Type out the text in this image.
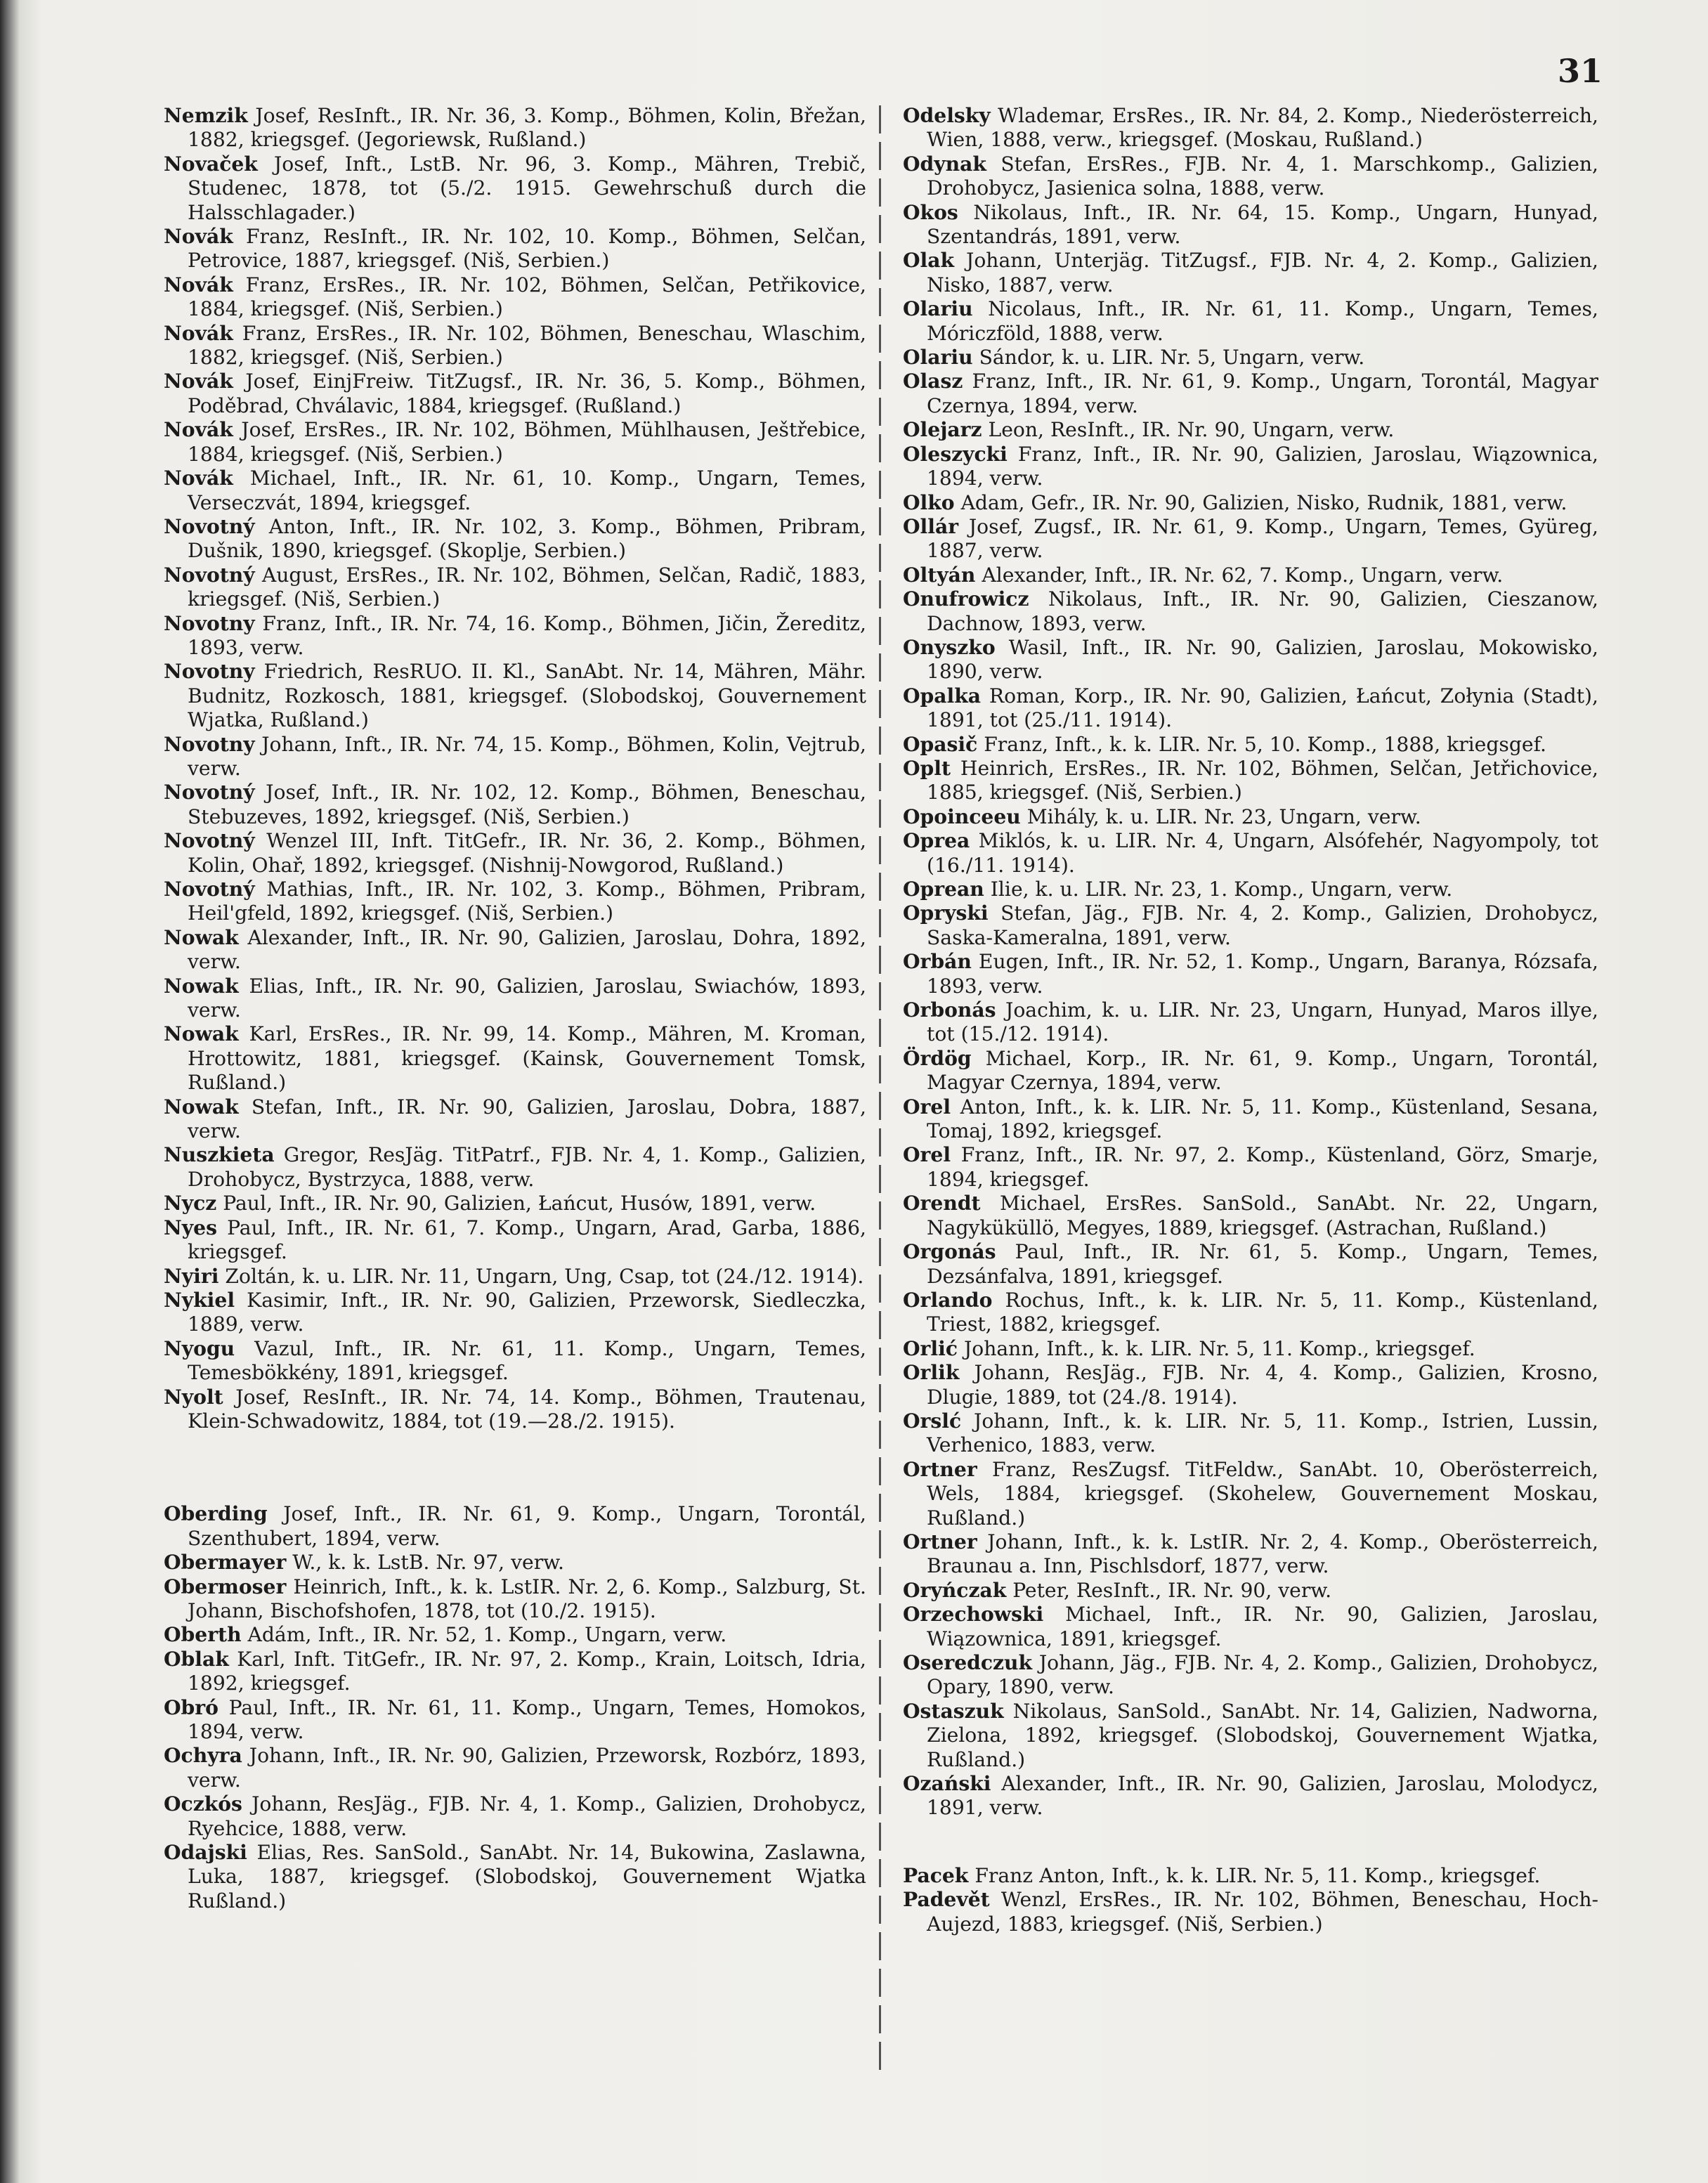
31
Nemzik Josef, ResInft., IR. Nr. 36, 3. Komp., Böhmen, Kolin, Břežan, 1882, kriegsgef. (Jegoriewsk, Rußland.)
Novaček Josef, Inft., LstB. Nr. 96, 3. Komp., Mähren, Trebič, Studenec, 1878, tot (5./2. 1915. Gewehrschuß durch die Halsschlagader.)
Novák Franz, ResInft., IR. Nr. 102, 10. Komp., Böhmen, Selčan, Petrovice, 1887, kriegsgef. (Niš, Serbien.)
Novák Franz, ErsRes., IR. Nr. 102, Böhmen, Selčan, Petřikovice, 1884, kriegsgef. (Niš, Serbien.)
Novák Franz, ErsRes., IR. Nr. 102, Böhmen, Beneschau, Wlaschim, 1882, kriegsgef. (Niš, Serbien.)
Novák Josef, EinjFreiw. TitZugsf., IR. Nr. 36, 5. Komp., Böhmen, Poděbrad, Chválavic, 1884, kriegsgef. (Rußland.)
Novák Josef, ErsRes., IR. Nr. 102, Böhmen, Mühlhausen, Ještřebice, 1884, kriegsgef. (Niš, Serbien.)
Novák Michael, Inft., IR. Nr. 61, 10. Komp., Ungarn, Temes, Verseczvát, 1894, kriegsgef.
Novotný Anton, Inft., IR. Nr. 102, 3. Komp., Böhmen, Pribram, Dušnik, 1890, kriegsgef. (Skoplje, Serbien.)
Novotný August, ErsRes., IR. Nr. 102, Böhmen, Selčan, Radič, 1883, kriegsgef. (Niš, Serbien.)
Novotny Franz, Inft., IR. Nr. 74, 16. Komp., Böhmen, Jičin, Žereditz, 1893, verw.
Novotny Friedrich, ResRUO. II. Kl., SanAbt. Nr. 14, Mähren, Mähr. Budnitz, Rozkosch, 1881, kriegsgef. (Slobodskoj, Gouvernement Wjatka, Rußland.)
Novotny Johann, Inft., IR. Nr. 74, 15. Komp., Böhmen, Kolin, Vejtrub, verw.
Novotný Josef, Inft., IR. Nr. 102, 12. Komp., Böhmen, Beneschau, Stebuzeves, 1892, kriegsgef. (Niš, Serbien.)
Novotný Wenzel III, Inft. TitGefr., IR. Nr. 36, 2. Komp., Böhmen, Kolin, Ohař, 1892, kriegsgef. (Nishnij-Nowgorod, Rußland.)
Novotný Mathias, Inft., IR. Nr. 102, 3. Komp., Böhmen, Pribram, Heil'gfeld, 1892, kriegsgef. (Niš, Serbien.)
Nowak Alexander, Inft., IR. Nr. 90, Galizien, Jaroslau, Dohra, 1892, verw.
Nowak Elias, Inft., IR. Nr. 90, Galizien, Jaroslau, Swiachów, 1893, verw.
Nowak Karl, ErsRes., IR. Nr. 99, 14. Komp., Mähren, M. Kroman, Hrottowitz, 1881, kriegsgef. (Kainsk, Gouvernement Tomsk, Rußland.)
Nowak Stefan, Inft., IR. Nr. 90, Galizien, Jaroslau, Dobra, 1887, verw.
Nuszkieta Gregor, ResJäg. TitPatrf., FJB. Nr. 4, 1. Komp., Galizien, Drohobycz, Bystrzyca, 1888, verw.
Nycz Paul, Inft., IR. Nr. 90, Galizien, Łańcut, Husów, 1891, verw.
Nyes Paul, Inft., IR. Nr. 61, 7. Komp., Ungarn, Arad, Garba, 1886, kriegsgef.
Nyiri Zoltán, k. u. LIR. Nr. 11, Ungarn, Ung, Csap, tot (24./12. 1914).
Nykiel Kasimir, Inft., IR. Nr. 90, Galizien, Przeworsk, Siedleczka, 1889, verw.
Nyogu Vazul, Inft., IR. Nr. 61, 11. Komp., Ungarn, Temes, Temesbökkény, 1891, kriegsgef.
Nyolt Josef, ResInft., IR. Nr. 74, 14. Komp., Böhmen, Trautenau, Klein-Schwadowitz, 1884, tot (19.—28./2. 1915).
Oberding Josef, Inft., IR. Nr. 61, 9. Komp., Ungarn, Torontál, Szenthubert, 1894, verw.
Obermayer W., k. k. LstB. Nr. 97, verw.
Obermoser Heinrich, Inft., k. k. LstIR. Nr. 2, 6. Komp., Salzburg, St. Johann, Bischofshofen, 1878, tot (10./2. 1915).
Oberth Adám, Inft., IR. Nr. 52, 1. Komp., Ungarn, verw.
Oblak Karl, Inft. TitGefr., IR. Nr. 97, 2. Komp., Krain, Loitsch, Idria, 1892, kriegsgef.
Obró Paul, Inft., IR. Nr. 61, 11. Komp., Ungarn, Temes, Homokos, 1894, verw.
Ochyra Johann, Inft., IR. Nr. 90, Galizien, Przeworsk, Rozbórz, 1893, verw.
Oczkós Johann, ResJäg., FJB. Nr. 4, 1. Komp., Galizien, Drohobycz, Ryehcice, 1888, verw.
Odajski Elias, Res. SanSold., SanAbt. Nr. 14, Bukowina, Zaslawna, Luka, 1887, kriegsgef. (Slobodskoj, Gouvernement Wjatka Rußland.)
Odelsky Wlademar, ErsRes., IR. Nr. 84, 2. Komp., Niederösterreich, Wien, 1888, verw., kriegsgef. (Moskau, Rußland.)
Odynak Stefan, ErsRes., FJB. Nr. 4, 1. Marschkomp., Galizien, Drohobycz, Jasienica solna, 1888, verw.
Okos Nikolaus, Inft., IR. Nr. 64, 15. Komp., Ungarn, Hunyad, Szentandrás, 1891, verw.
Olak Johann, Unterjäg. TitZugsf., FJB. Nr. 4, 2. Komp., Galizien, Nisko, 1887, verw.
Olariu Nicolaus, Inft., IR. Nr. 61, 11. Komp., Ungarn, Temes, Móriczföld, 1888, verw.
Olariu Sándor, k. u. LIR. Nr. 5, Ungarn, verw.
Olasz Franz, Inft., IR. Nr. 61, 9. Komp., Ungarn, Torontál, Magyar Czernya, 1894, verw.
Olejarz Leon, ResInft., IR. Nr. 90, Ungarn, verw.
Oleszycki Franz, Inft., IR. Nr. 90, Galizien, Jaroslau, Wiązownica, 1894, verw.
Olko Adam, Gefr., IR. Nr. 90, Galizien, Nisko, Rudnik, 1881, verw.
Ollár Josef, Zugsf., IR. Nr. 61, 9. Komp., Ungarn, Temes, Gyüreg, 1887, verw.
Oltyán Alexander, Inft., IR. Nr. 62, 7. Komp., Ungarn, verw.
Onufrowicz Nikolaus, Inft., IR. Nr. 90, Galizien, Cieszanow, Dachnow, 1893, verw.
Onyszko Wasil, Inft., IR. Nr. 90, Galizien, Jaroslau, Mokowisko, 1890, verw.
Opalka Roman, Korp., IR. Nr. 90, Galizien, Łańcut, Zołynia (Stadt), 1891, tot (25./11. 1914).
Opasič Franz, Inft., k. k. LIR. Nr. 5, 10. Komp., 1888, kriegsgef.
Oplt Heinrich, ErsRes., IR. Nr. 102, Böhmen, Selčan, Jetřichovice, 1885, kriegsgef. (Niš, Serbien.)
Opoinceeu Mihály, k. u. LIR. Nr. 23, Ungarn, verw.
Oprea Miklós, k. u. LIR. Nr. 4, Ungarn, Alsófehér, Nagyompoly, tot (16./11. 1914).
Oprean Ilie, k. u. LIR. Nr. 23, 1. Komp., Ungarn, verw.
Opryski Stefan, Jäg., FJB. Nr. 4, 2. Komp., Galizien, Drohobycz, Saska-Kameralna, 1891, verw.
Orbán Eugen, Inft., IR. Nr. 52, 1. Komp., Ungarn, Baranya, Rózsafa, 1893, verw.
Orbonás Joachim, k. u. LIR. Nr. 23, Ungarn, Hunyad, Maros illye, tot (15./12. 1914).
Ördög Michael, Korp., IR. Nr. 61, 9. Komp., Ungarn, Torontál, Magyar Czernya, 1894, verw.
Orel Anton, Inft., k. k. LIR. Nr. 5, 11. Komp., Küstenland, Sesana, Tomaj, 1892, kriegsgef.
Orel Franz, Inft., IR. Nr. 97, 2. Komp., Küstenland, Görz, Smarje, 1894, kriegsgef.
Orendt Michael, ErsRes. SanSold., SanAbt. Nr. 22, Ungarn, Nagyküküllö, Megyes, 1889, kriegsgef. (Astrachan, Rußland.)
Orgonás Paul, Inft., IR. Nr. 61, 5. Komp., Ungarn, Temes, Dezsánfalva, 1891, kriegsgef.
Orlando Rochus, Inft., k. k. LIR. Nr. 5, 11. Komp., Küstenland, Triest, 1882, kriegsgef.
Orlić Johann, Inft., k. k. LIR. Nr. 5, 11. Komp., kriegsgef.
Orlik Johann, ResJäg., FJB. Nr. 4, 4. Komp., Galizien, Krosno, Dlugie, 1889, tot (24./8. 1914).
Orslć Johann, Inft., k. k. LIR. Nr. 5, 11. Komp., Istrien, Lussin, Verhenico, 1883, verw.
Ortner Franz, ResZugsf. TitFeldw., SanAbt. 10, Oberösterreich, Wels, 1884, kriegsgef. (Skohelew, Gouvernement Moskau, Rußland.)
Ortner Johann, Inft., k. k. LstIR. Nr. 2, 4. Komp., Oberösterreich, Braunau a. Inn, Pischlsdorf, 1877, verw.
Oryńczak Peter, ResInft., IR. Nr. 90, verw.
Orzechowski Michael, Inft., IR. Nr. 90, Galizien, Jaroslau, Wiązownica, 1891, kriegsgef.
Oseredczuk Johann, Jäg., FJB. Nr. 4, 2. Komp., Galizien, Drohobycz, Opary, 1890, verw.
Ostaszuk Nikolaus, SanSold., SanAbt. Nr. 14, Galizien, Nadworna, Zielona, 1892, kriegsgef. (Slobodskoj, Gouvernement Wjatka, Rußland.)
Ozański Alexander, Inft., IR. Nr. 90, Galizien, Jaroslau, Molodycz, 1891, verw.
Pacek Franz Anton, Inft., k. k. LIR. Nr. 5, 11. Komp., kriegsgef.
Padevět Wenzl, ErsRes., IR. Nr. 102, Böhmen, Beneschau, Hoch-Aujezd, 1883, kriegsgef. (Niš, Serbien.)
